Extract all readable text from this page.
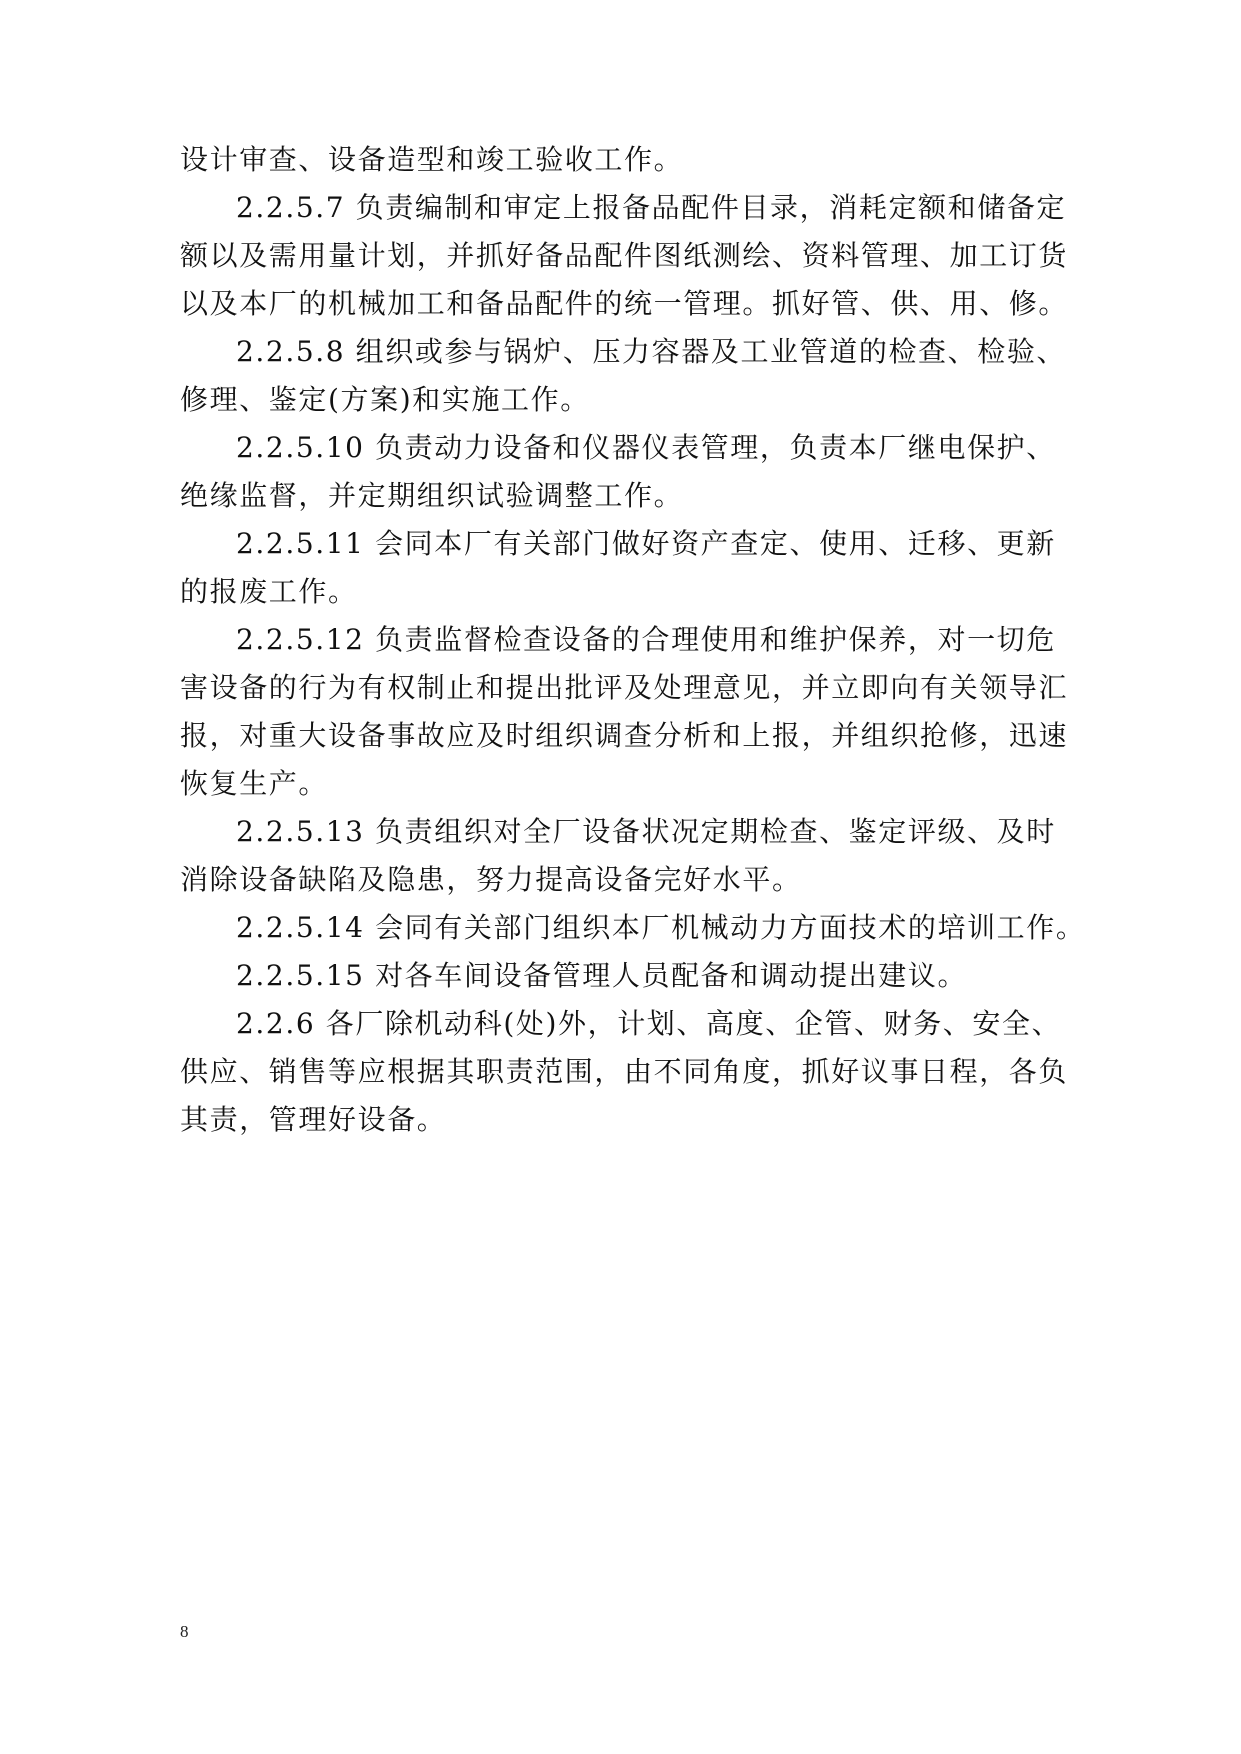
设计审查、设备造型和竣工验收工作。
2.2.5.7 负责编制和审定上报备品配件目录，消耗定额和储备定
额以及需用量计划，并抓好备品配件图纸测绘、资料管理、加工订货
以及本厂的机械加工和备品配件的统一管理。抓好管、供、用、修。
2.2.5.8 组织或参与锅炉、压力容器及工业管道的检查、检验、
修理、鉴定(方案)和实施工作。
2.2.5.10 负责动力设备和仪器仪表管理，负责本厂继电保护、
绝缘监督，并定期组织试验调整工作。
2.2.5.11 会同本厂有关部门做好资产查定、使用、迁移、更新
的报废工作。
2.2.5.12 负责监督检查设备的合理使用和维护保养，对一切危
害设备的行为有权制止和提出批评及处理意见，并立即向有关领导汇
报，对重大设备事故应及时组织调查分析和上报，并组织抢修，迅速
恢复生产。
2.2.5.13 负责组织对全厂设备状况定期检查、鉴定评级、及时
消除设备缺陷及隐患，努力提高设备完好水平。
2.2.5.14 会同有关部门组织本厂机械动力方面技术的培训工作。
2.2.5.15 对各车间设备管理人员配备和调动提出建议。
2.2.6 各厂除机动科(处)外，计划、高度、企管、财务、安全、
供应、销售等应根据其职责范围，由不同角度，抓好议事日程，各负
其责，管理好设备。
8
